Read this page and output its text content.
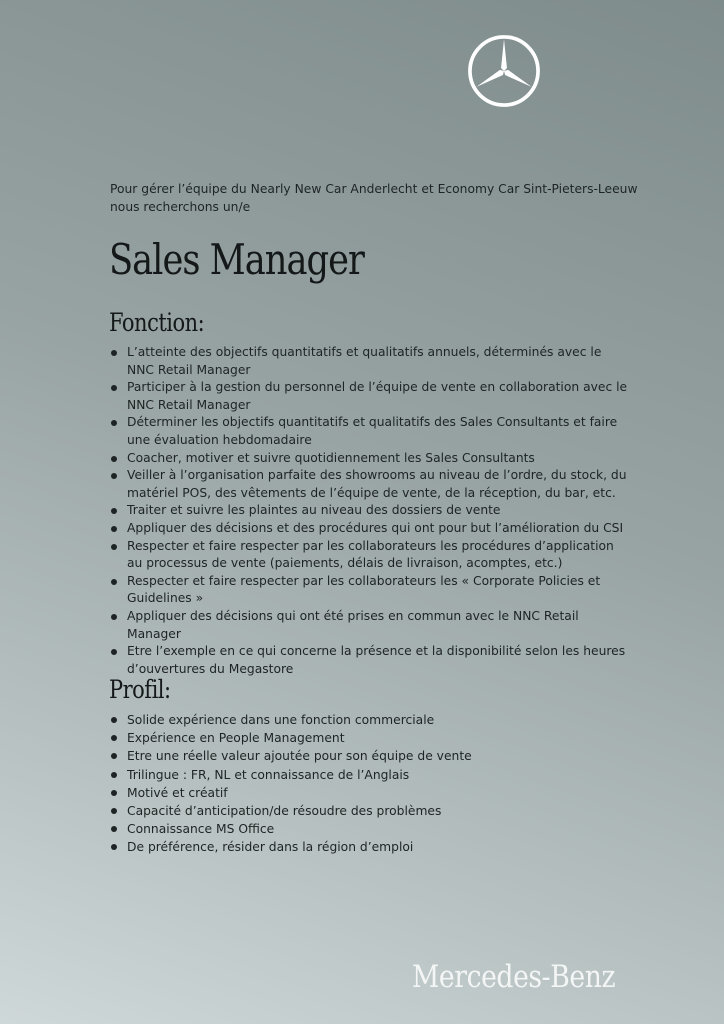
Pour gérer l’équipe du Nearly New Car Anderlecht et Economy Car Sint-Pieters-Leeuw
nous recherchons un/e

Sales Manager
Fonction:
L’atteinte des objectifs quantitatifs et qualitatifs annuels, déterminés avec le NNC Retail Manager
Participer à la gestion du personnel de l’équipe de vente en collaboration avec le NNC Retail Manager
Déterminer les objectifs quantitatifs et qualitatifs des Sales Consultants et faire une évaluation hebdomadaire
Coacher, motiver et suivre quotidiennement les Sales Consultants
Veiller à l’organisation parfaite des showrooms au niveau de l’ordre, du stock, du matériel POS, des vêtements de l’équipe de vente, de la réception, du bar, etc.
Traiter et suivre les plaintes au niveau des dossiers de vente
Appliquer des décisions et des procédures qui ont pour but l’amélioration du CSI
Respecter et faire respecter par les collaborateurs les procédures d’application au processus de vente (paiements, délais de livraison, acomptes, etc.)
Respecter et faire respecter par les collaborateurs les « Corporate Policies et Guidelines »
Appliquer des décisions qui ont été prises en commun avec le NNC Retail Manager
Etre l’exemple en ce qui concerne la présence et la disponibilité selon les heures d’ouvertures du Megastore
Profil:
Solide expérience dans une fonction commerciale
Expérience en People Management
Etre une réelle valeur ajoutée pour son équipe de vente
Trilingue : FR, NL et connaissance de l’Anglais
Motivé et créatif
Capacité d’anticipation/de résoudre des problèmes
Connaissance MS Office
De préférence, résider dans la région d’emploi
Mercedes-Benz
